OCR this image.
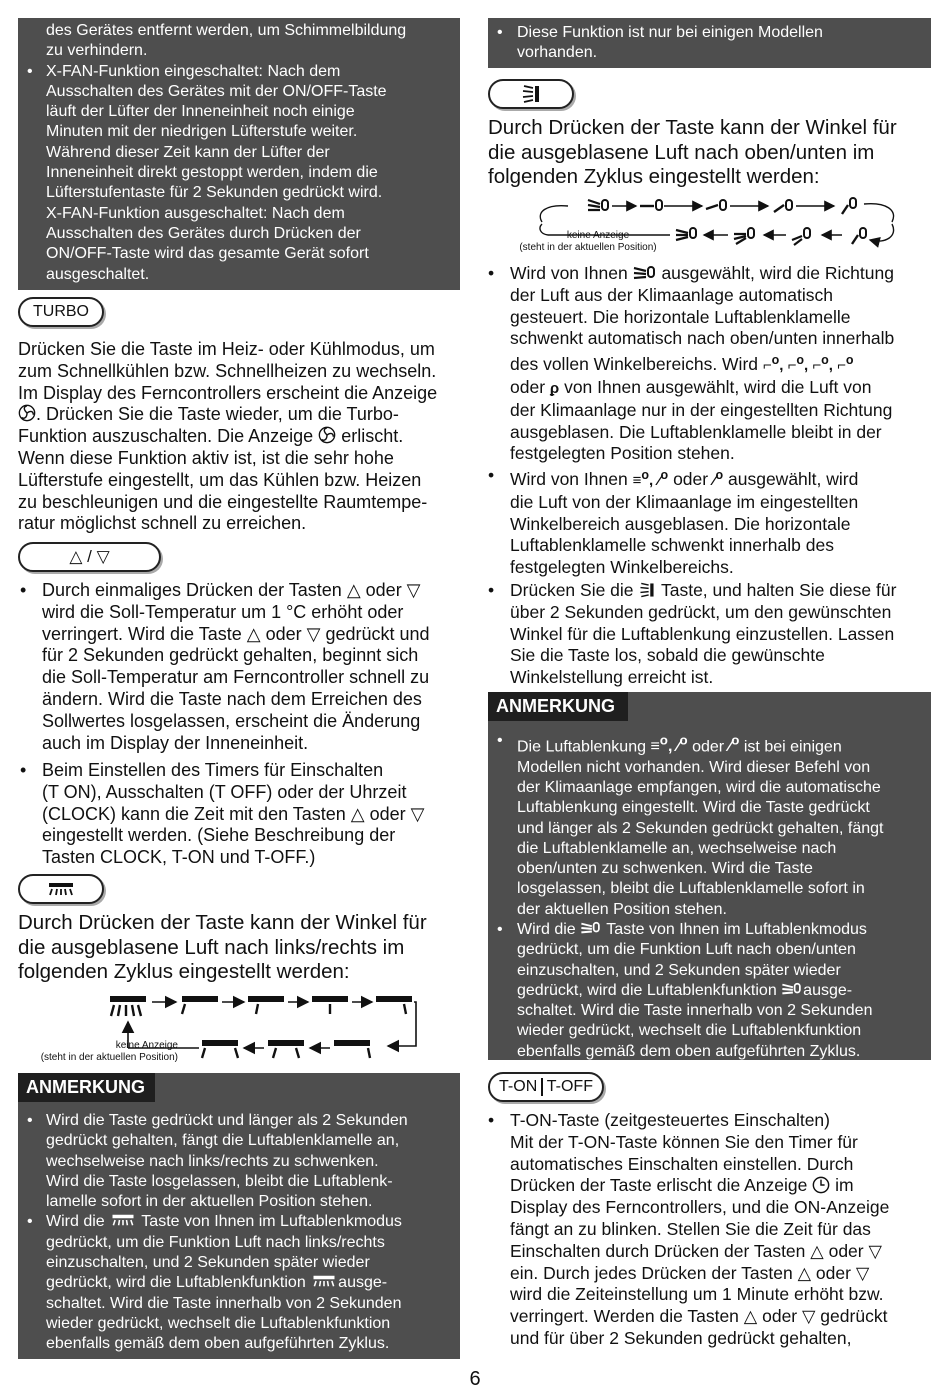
des Gerätes entfernt werden, um Schimmelbildung
zu verhindern.
• X-FAN-Funktion eingeschaltet: Nach dem
Ausschalten des Gerätes mit der ON/OFF-Taste
läuft der Lüfter der Inneneinheit noch einige
Minuten mit der niedrigen Lüfterstufe weiter.
Während dieser Zeit kann der Lüfter der
Inneneinheit direkt gestoppt werden, indem die
Lüfterstufentaste für 2 Sekunden gedrückt wird.
X-FAN-Funktion ausgeschaltet: Nach dem
Ausschalten des Gerätes durch Drücken der
ON/OFF-Taste wird das gesamte Gerät sofort
ausgeschaltet.
TURBO
Drücken Sie die Taste im Heiz- oder Kühlmodus, um
zum Schnellkühlen bzw. Schnellheizen zu wechseln.
Im Display des Ferncontrollers erscheint die Anzeige
. Drücken Sie die Taste wieder, um die Turbo-
Funktion auszuschalten. Die Anzeige erlischt.
Wenn diese Funktion aktiv ist, ist die sehr hohe
Lüfterstufe eingestellt, um das Kühlen bzw. Heizen
zu beschleunigen und die eingestellte Raumtempe-
ratur möglichst schnell zu erreichen.
△ / ▽
• Durch einmaliges Drücken der Tasten △ oder ▽
wird die Soll-Temperatur um 1 °C erhöht oder
verringert. Wird die Taste △ oder ▽ gedrückt und
für 2 Sekunden gedrückt gehalten, beginnt sich
die Soll-Temperatur am Ferncontroller schnell zu
ändern. Wird die Taste nach dem Erreichen des
Sollwertes losgelassen, erscheint die Änderung
auch im Display der Inneneinheit.
• Beim Einstellen des Timers für Einschalten
(T ON), Ausschalten (T OFF) oder der Uhrzeit
(CLOCK) kann die Zeit mit den Tasten △ oder ▽
eingestellt werden. (Siehe Beschreibung der
Tasten CLOCK, T-ON und T-OFF.)
Durch Drücken der Taste kann der Winkel für
die ausgeblasene Luft nach links/rechts im
folgenden Zyklus eingestellt werden:
keine Anzeige
(steht in der aktuellen Position)
ANMERKUNG
• Wird die Taste gedrückt und länger als 2 Sekunden
gedrückt gehalten, fängt die Luftablenklamelle an,
wechselweise nach links/rechts zu schwenken.
Wird die Taste losgelassen, bleibt die Luftablenk-
lamelle sofort in der aktuellen Position stehen.
• Wird die Taste von Ihnen im Luftablenkmodus
gedrückt, um die Funktion Luft nach links/rechts
einzuschalten, und 2 Sekunden später wieder
gedrückt, wird die Luftablenkfunktion ausge-
schaltet. Wird die Taste innerhalb von 2 Sekunden
wieder gedrückt, wechselt die Luftablenkfunktion
ebenfalls gemäß dem oben aufgeführten Zyklus.
• Diese Funktion ist nur bei einigen Modellen
vorhanden.
Durch Drücken der Taste kann der Winkel für
die ausgeblasene Luft nach oben/unten im
folgenden Zyklus eingestellt werden:
keine Anzeige
(steht in der aktuellen Position)
• Wird von Ihnen ausgewählt, wird die Richtung
der Luft aus der Klimaanlage automatisch
gesteuert. Die horizontale Luftablenklamelle
schwenkt automatisch nach oben/unten innerhalb
des vollen Winkelbereichs. Wird ⌐$^o$, ⌐$^o$, ⌐$^o$, ⌐$^o$
oder ϼ von Ihnen ausgewählt, wird die Luft von
der Klimaanlage nur in der eingestellten Richtung
ausgeblasen. Die Luftablenklamelle bleibt in der
festgelegten Position stehen.
• Wird von Ihnen ≡$^o$, ⁄$^o$ oder ⁄$^o$ ausgewählt, wird
die Luft von der Klimaanlage im eingestellten
Winkelbereich ausgeblasen. Die horizontale
Luftablenklamelle schwenkt innerhalb des
festgelegten Winkelbereichs.
• Drücken Sie die Taste, und halten Sie diese für
über 2 Sekunden gedrückt, um den gewünschten
Winkel für die Luftablenkung einzustellen. Lassen
Sie die Taste los, sobald die gewünschte
Winkelstellung erreicht ist.
ANMERKUNG
• Die Luftablenkung ≡$^o$, ⁄$^o$ oder ⁄$^o$ ist bei einigen
Modellen nicht vorhanden. Wird dieser Befehl von
der Klimaanlage empfangen, wird die automatische
Luftablenkung eingestellt. Wird die Taste gedrückt
und länger als 2 Sekunden gedrückt gehalten, fängt
die Luftablenklamelle an, wechselweise nach
oben/unten zu schwenken. Wird die Taste
losgelassen, bleibt die Luftablenklamelle sofort in
der aktuellen Position stehen.
• Wird die Taste von Ihnen im Luftablenkmodus
gedrückt, um die Funktion Luft nach oben/unten
einzuschalten, und 2 Sekunden später wieder
gedrückt, wird die Luftablenkfunktion ausge-
schaltet. Wird die Taste innerhalb von 2 Sekunden
wieder gedrückt, wechselt die Luftablenkfunktion
ebenfalls gemäß dem oben aufgeführten Zyklus.
T-ON T-OFF
• T-ON-Taste (zeitgesteuertes Einschalten)
Mit der T-ON-Taste können Sie den Timer für
automatisches Einschalten einstellen. Durch
Drücken der Taste erlischt die Anzeige im
Display des Ferncontrollers, und die ON-Anzeige
fängt an zu blinken. Stellen Sie die Zeit für das
Einschalten durch Drücken der Tasten △ oder ▽
ein. Durch jedes Drücken der Tasten △ oder ▽
wird die Zeiteinstellung um 1 Minute erhöht bzw.
verringert. Werden die Tasten △ oder ▽ gedrückt
und für über 2 Sekunden gedrückt gehalten,
6
